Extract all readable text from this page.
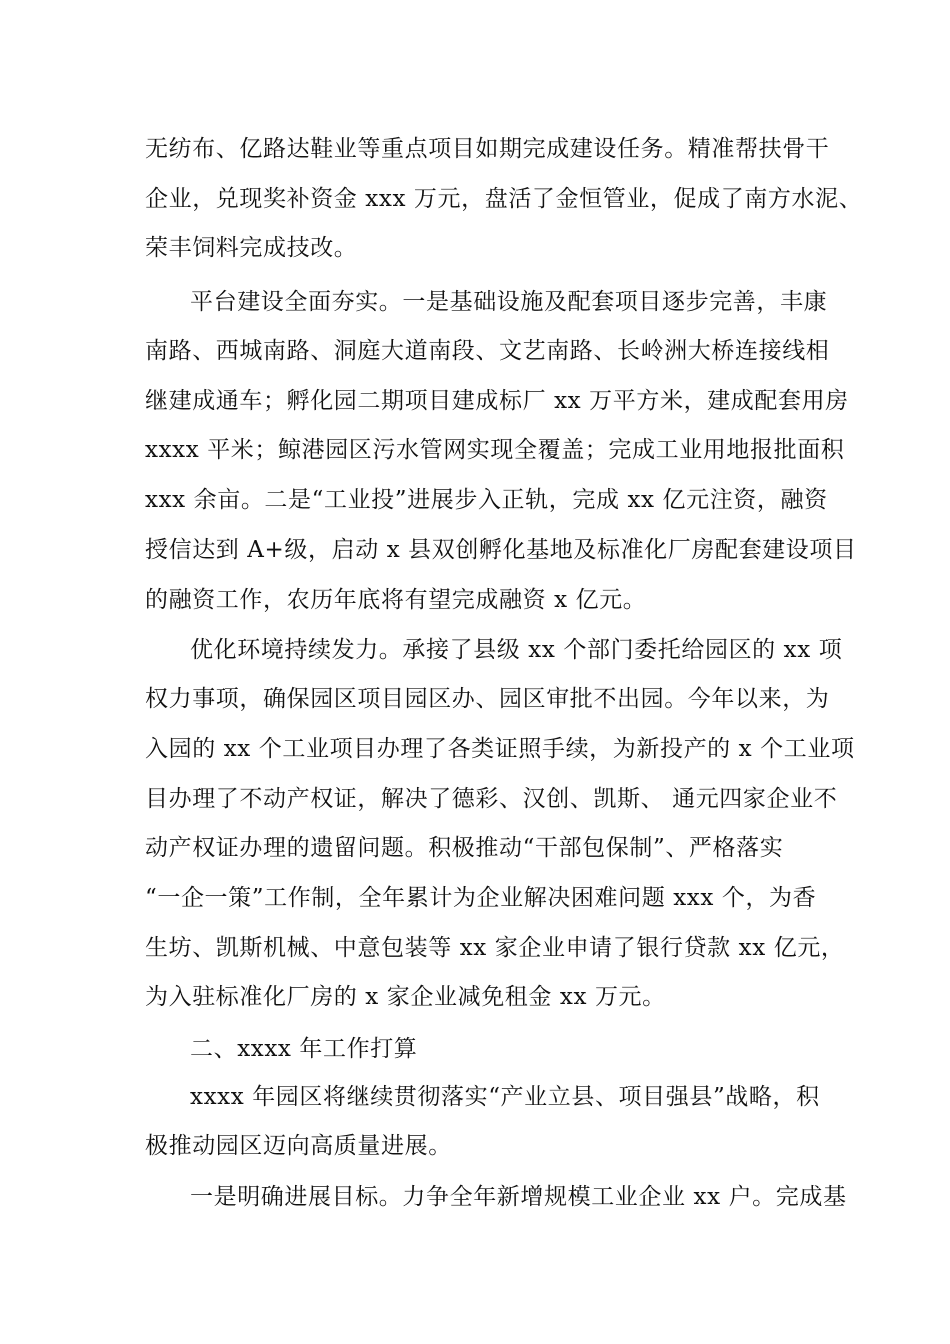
无纺布、亿路达鞋业等重点项目如期完成建设任务。精准帮扶骨干
企业，兑现奖补资金 xxx 万元，盘活了金恒管业，促成了南方水泥、
荣丰饲料完成技改。
平台建设全面夯实。一是基础设施及配套项目逐步完善，丰康
南路、西城南路、洞庭大道南段、文艺南路、长岭洲大桥连接线相
继建成通车；孵化园二期项目建成标厂 xx 万平方米，建成配套用房
xxxx 平米；鲸港园区污水管网实现全覆盖；完成工业用地报批面积
xxx 余亩。二是“工业投”进展步入正轨，完成 xx 亿元注资，融资
授信达到 A+级，启动 x 县双创孵化基地及标准化厂房配套建设项目
的融资工作，农历年底将有望完成融资 x 亿元。
优化环境持续发力。承接了县级 xx 个部门委托给园区的 xx 项
权力事项，确保园区项目园区办、园区审批不出园。今年以来，为
入园的 xx 个工业项目办理了各类证照手续，为新投产的 x 个工业项
目办理了不动产权证，解决了德彩、汉创、凯斯、 通元四家企业不
动产权证办理的遗留问题。积极推动“干部包保制”、严格落实
“一企一策”工作制，全年累计为企业解决困难问题 xxx 个，为香
生坊、凯斯机械、中意包装等 xx 家企业申请了银行贷款 xx 亿元，
为入驻标准化厂房的 x 家企业减免租金 xx 万元。
二、xxxx 年工作打算
xxxx 年园区将继续贯彻落实“产业立县、项目强县”战略，积
极推动园区迈向高质量进展。
一是明确进展目标。力争全年新增规模工业企业 xx 户。完成基
